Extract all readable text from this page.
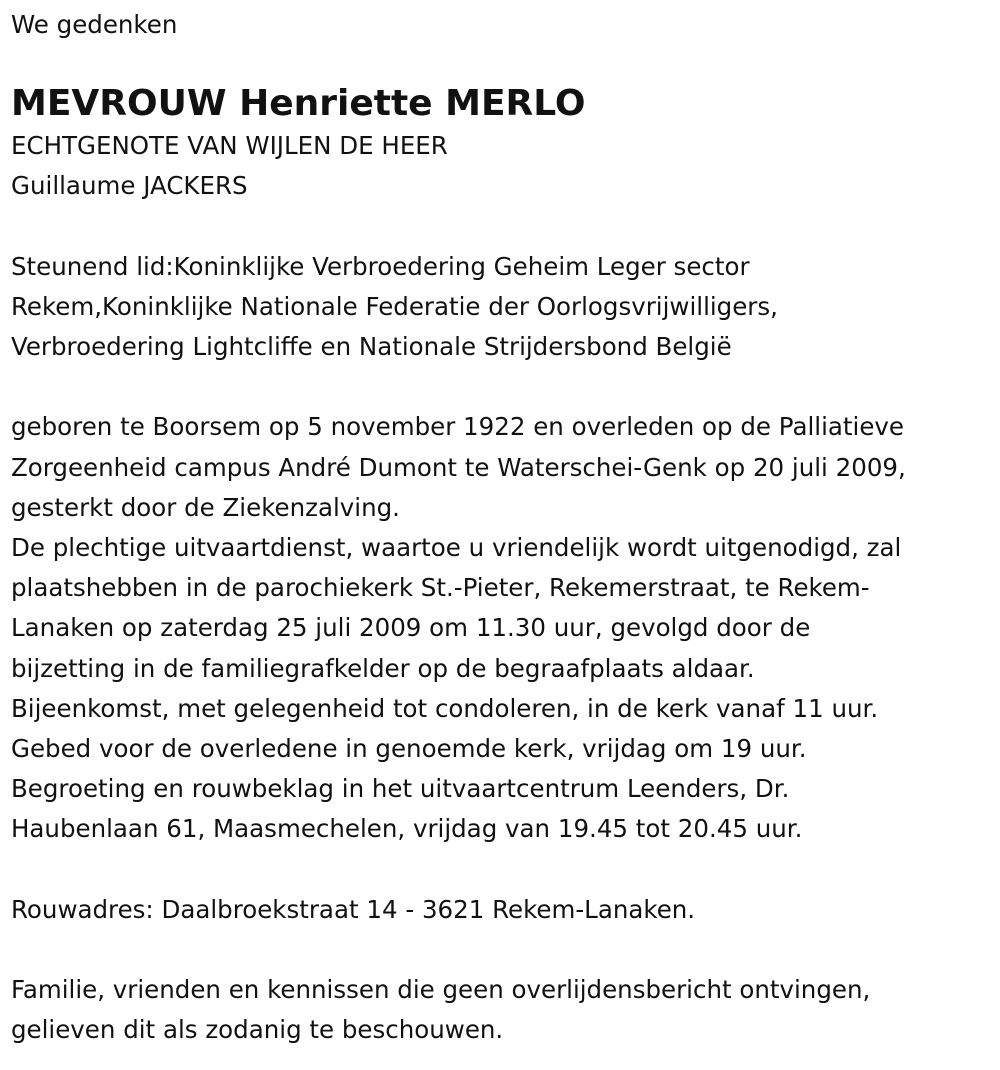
We gedenken
MEVROUW Henriette MERLO
ECHTGENOTE VAN WIJLEN DE HEER
Guillaume JACKERS
Steunend lid:Koninklijke Verbroedering Geheim Leger sector
Rekem,Koninklijke Nationale Federatie der Oorlogsvrijwilligers,
Verbroedering Lightcliffe en Nationale Strijdersbond België
geboren te Boorsem op 5 november 1922 en overleden op de Palliatieve
Zorgeenheid campus André Dumont te Waterschei-Genk op 20 juli 2009,
gesterkt door de Ziekenzalving.
De plechtige uitvaartdienst, waartoe u vriendelijk wordt uitgenodigd, zal
plaatshebben in de parochiekerk St.-Pieter, Rekemerstraat, te Rekem-
Lanaken op zaterdag 25 juli 2009 om 11.30 uur, gevolgd door de
bijzetting in de familiegrafkelder op de begraafplaats aldaar.
Bijeenkomst, met gelegenheid tot condoleren, in de kerk vanaf 11 uur.
Gebed voor de overledene in genoemde kerk, vrijdag om 19 uur.
Begroeting en rouwbeklag in het uitvaartcentrum Leenders, Dr.
Haubenlaan 61, Maasmechelen, vrijdag van 19.45 tot 20.45 uur.
Rouwadres: Daalbroekstraat 14 - 3621 Rekem-Lanaken.
Familie, vrienden en kennissen die geen overlijdensbericht ontvingen,
gelieven dit als zodanig te beschouwen.
